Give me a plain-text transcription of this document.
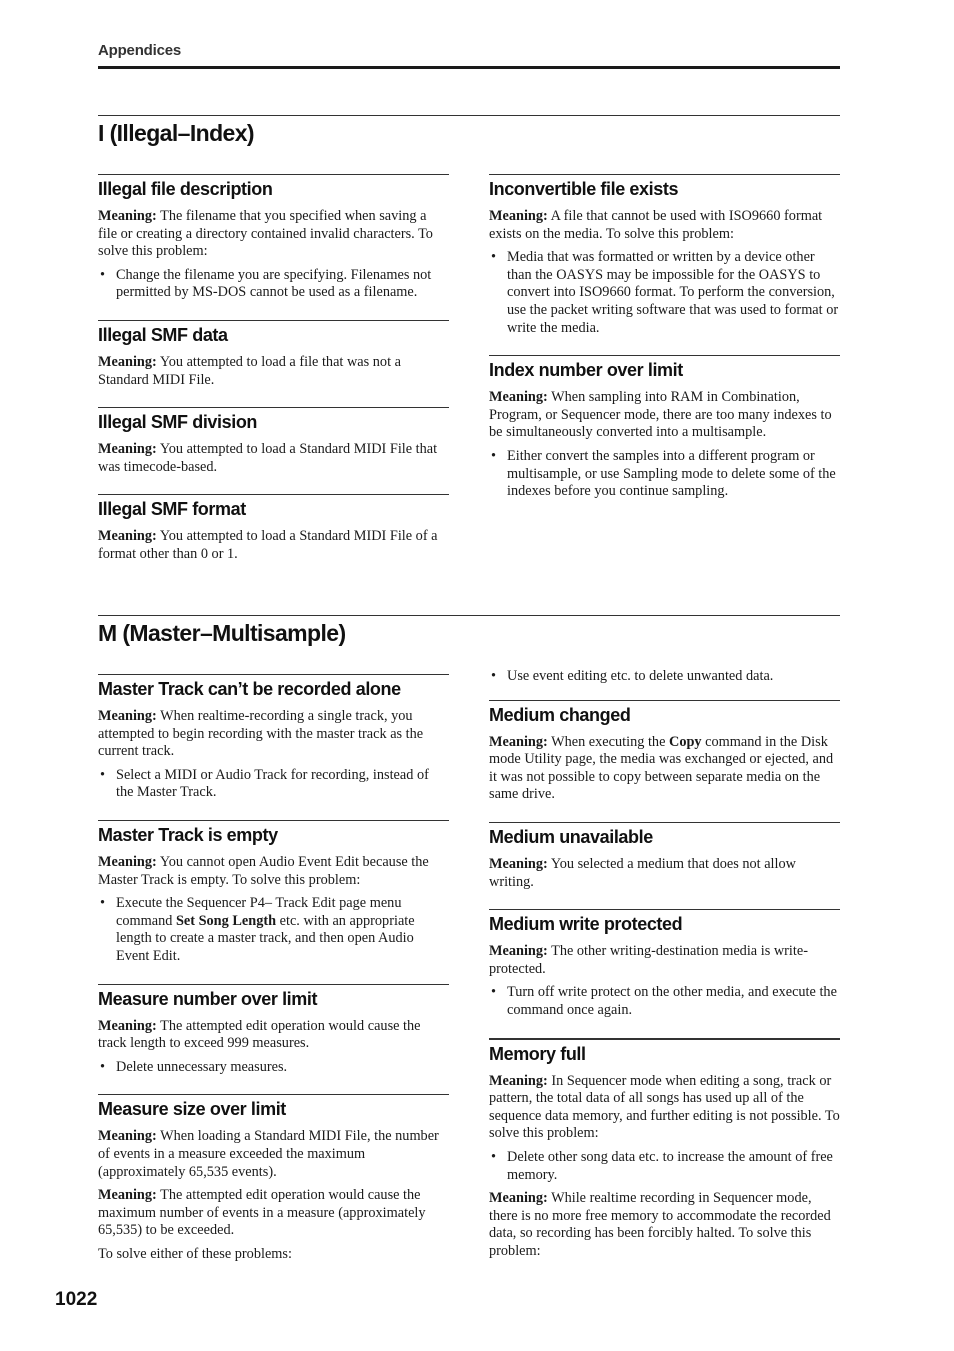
Appendices
I (Illegal–Index)
Illegal file description

Meaning: The filename that you specified when saving a file or creating a directory contained invalid characters. To solve this problem:

• Change the filename you are specifying. Filenames not permitted by MS-DOS cannot be used as a filename.
Illegal SMF data

Meaning: You attempted to load a file that was not a Standard MIDI File.

Illegal SMF division

Meaning: You attempted to load a Standard MIDI File that was timecode-based.

Illegal SMF format

Meaning: You attempted to load a Standard MIDI File of a format other than 0 or 1.

Inconvertible file exists

Meaning: A file that cannot be used with ISO9660 format exists on the media. To solve this problem:

• Media that was formatted or written by a device other than the OASYS may be impossible for the OASYS to convert into ISO9660 format. To perform the conversion, use the packet writing software that was used to format or write the media.
Index number over limit

Meaning: When sampling into RAM in Combination, Program, or Sequencer mode, there are too many indexes to be simultaneously converted into a multisample.

• Either convert the samples into a different program or multisample, or use Sampling mode to delete some of the indexes before you continue sampling.
M (Master–Multisample)
Master Track can’t be recorded alone

Meaning: When realtime-recording a single track, you attempted to begin recording with the master track as the current track.

• Select a MIDI or Audio Track for recording, instead of the Master Track.
Master Track is empty

Meaning: You cannot open Audio Event Edit because the Master Track is empty. To solve this problem:

• Execute the Sequencer P4– Track Edit page menu command Set Song Length etc. with an appropriate length to create a master track, and then open Audio Event Edit.
Measure number over limit

Meaning: The attempted edit operation would cause the track length to exceed 999 measures.

• Delete unnecessary measures.
Measure size over limit

Meaning: When loading a Standard MIDI File, the number of events in a measure exceeded the maximum (approximately 65,535 events).

Meaning: The attempted edit operation would cause the maximum number of events in a measure (approximately 65,535) to be exceeded.

To solve either of these problems:

• Use event editing etc. to delete unwanted data.
Medium changed

Meaning: When executing the Copy command in the Disk mode Utility page, the media was exchanged or ejected, and it was not possible to copy between separate media on the same drive.

Medium unavailable

Meaning: You selected a medium that does not allow writing.

Medium write protected

Meaning: The other writing-destination media is write-protected.

• Turn off write protect on the other media, and execute the command once again.
Memory full

Meaning: In Sequencer mode when editing a song, track or pattern, the total data of all songs has used up all of the sequence data memory, and further editing is not possible. To solve this problem:

• Delete other song data etc. to increase the amount of free memory.

Meaning: While realtime recording in Sequencer mode, there is no more free memory to accommodate the recorded data, so recording has been forcibly halted. To solve this problem:

1022
